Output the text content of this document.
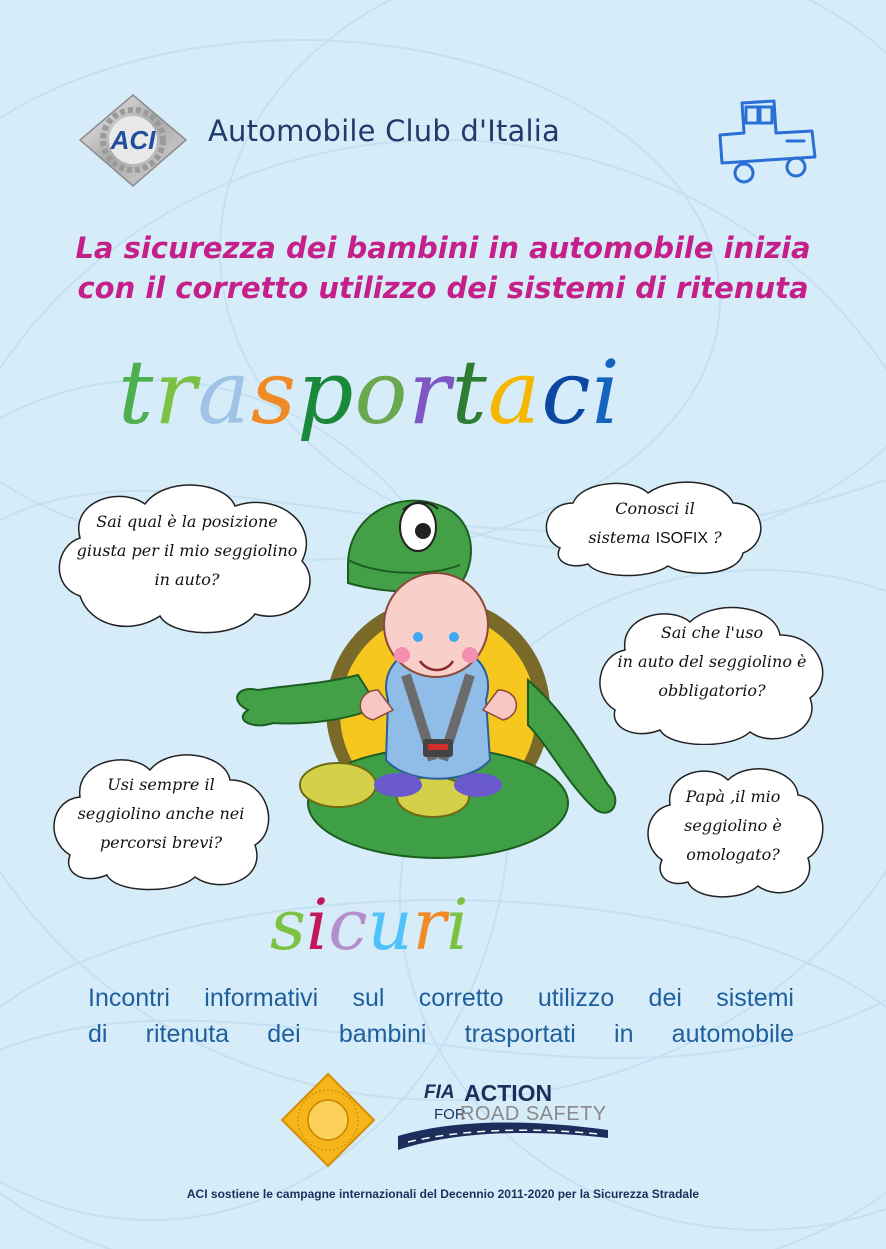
ACI Automobile Club d'Italia
La sicurezza dei bambini in automobile inizia
con il corretto utilizzo dei sistemi di ritenuta
trasportaci
Sai qual è la posizione
giusta per il mio seggiolino
in auto?
Conosci il
sistema ISOFIX ?
Sai che l'uso
in auto del seggiolino è
obbligatorio?
Usi sempre il
seggiolino anche nei
percorsi brevi?
Papà ,il mio
seggiolino è
omologato?
sicuri
Incontri informativi sul corretto utilizzo dei sistemi
di ritenuta dei bambini trasportati in automobile
FIA ACTION
FOR
ROAD SAFETY
ACI sostiene le campagne internazionali del Decennio 2011-2020 per la Sicurezza Stradale
